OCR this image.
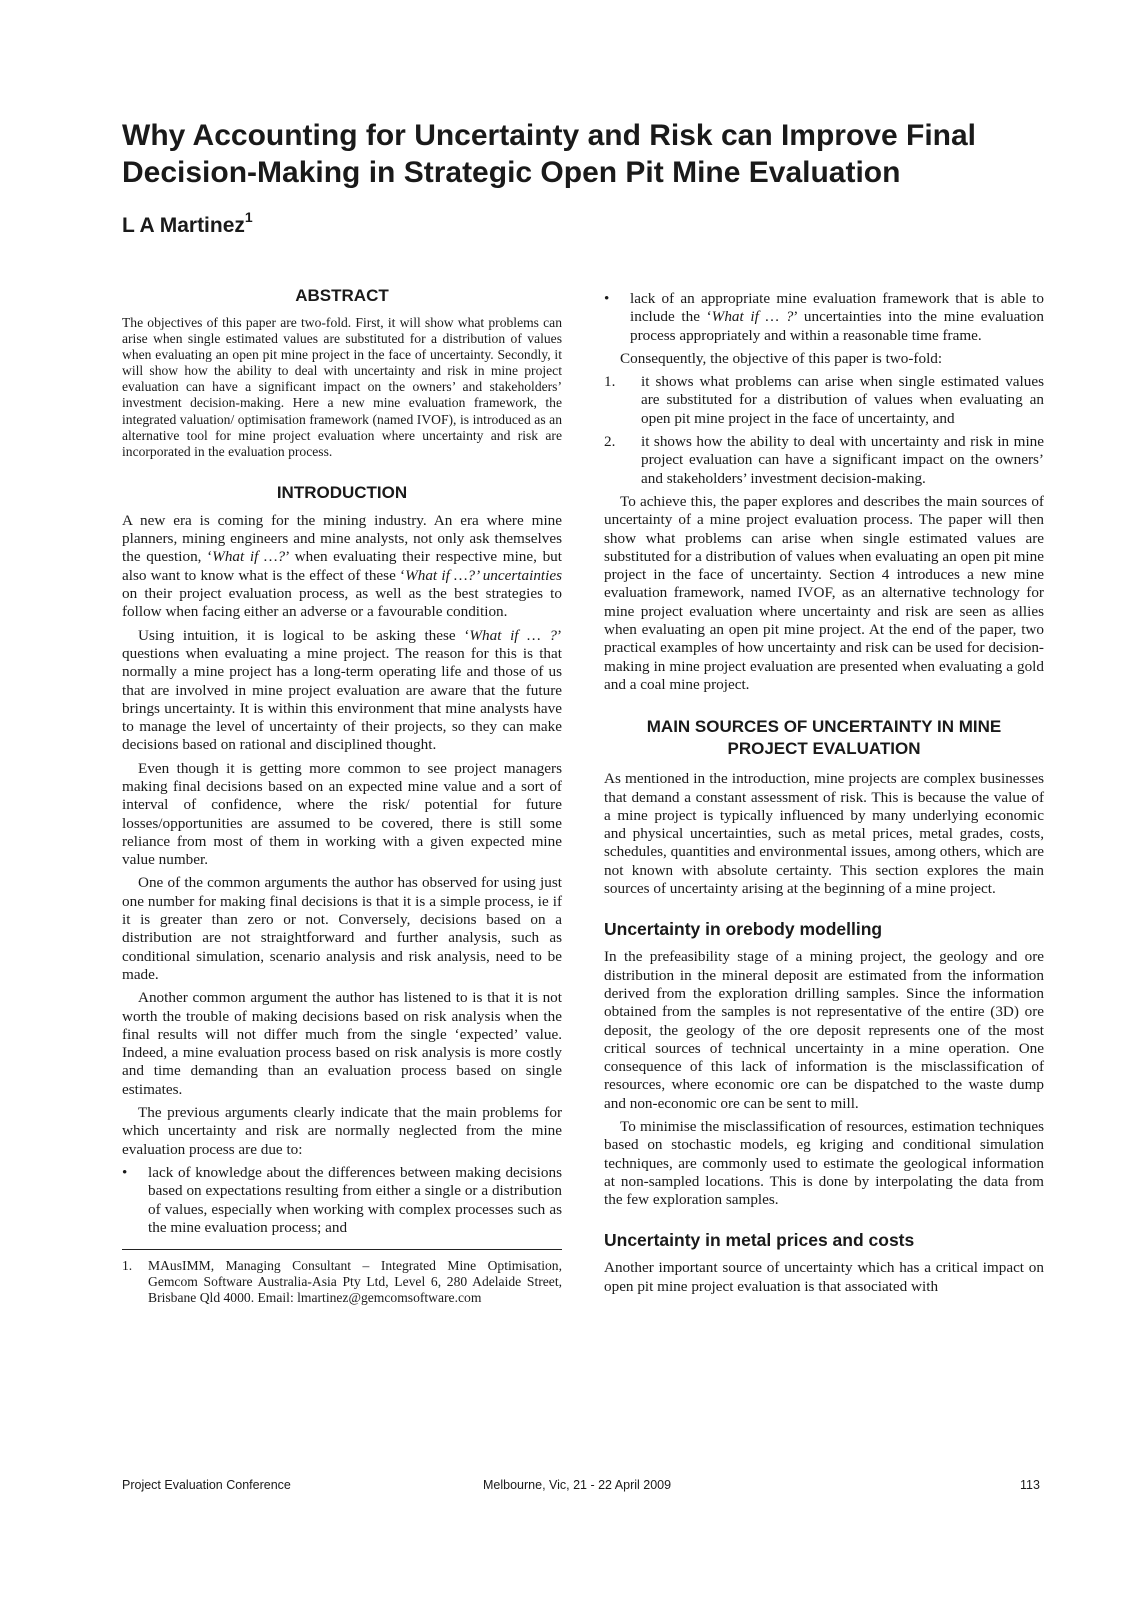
Why Accounting for Uncertainty and Risk can Improve Final Decision-Making in Strategic Open Pit Mine Evaluation
L A Martinez$^1$
ABSTRACT

The objectives of this paper are two-fold. First, it will show what problems can arise when single estimated values are substituted for a distribution of values when evaluating an open pit mine project in the face of uncertainty. Secondly, it will show how the ability to deal with uncertainty and risk in mine project evaluation can have a significant impact on the owners’ and stakeholders’ investment decision-making. Here a new mine evaluation framework, the integrated valuation/ optimisation framework (named IVOF), is introduced as an alternative tool for mine project evaluation where uncertainty and risk are incorporated in the evaluation process.

INTRODUCTION

A new era is coming for the mining industry. An era where mine planners, mining engineers and mine analysts, not only ask themselves the question, ‘What if …?’ when evaluating their respective mine, but also want to know what is the effect of these ‘What if …?’ uncertainties on their project evaluation process, as well as the best strategies to follow when facing either an adverse or a favourable condition.

Using intuition, it is logical to be asking these ‘What if … ?’ questions when evaluating a mine project. The reason for this is that normally a mine project has a long-term operating life and those of us that are involved in mine project evaluation are aware that the future brings uncertainty. It is within this environment that mine analysts have to manage the level of uncertainty of their projects, so they can make decisions based on rational and disciplined thought.

Even though it is getting more common to see project managers making final decisions based on an expected mine value and a sort of interval of confidence, where the risk/ potential for future losses/opportunities are assumed to be covered, there is still some reliance from most of them in working with a given expected mine value number.

One of the common arguments the author has observed for using just one number for making final decisions is that it is a simple process, ie if it is greater than zero or not. Conversely, decisions based on a distribution are not straightforward and further analysis, such as conditional simulation, scenario analysis and risk analysis, need to be made.

Another common argument the author has listened to is that it is not worth the trouble of making decisions based on risk analysis when the final results will not differ much from the single ‘expected’ value. Indeed, a mine evaluation process based on risk analysis is more costly and time demanding than an evaluation process based on single estimates.

The previous arguments clearly indicate that the main problems for which uncertainty and risk are normally neglected from the mine evaluation process are due to:

• lack of knowledge about the differences between making decisions based on expectations resulting from either a single or a distribution of values, especially when working with complex processes such as the mine evaluation process; and
1. MAusIMM, Managing Consultant – Integrated Mine Optimisation, Gemcom Software Australia-Asia Pty Ltd, Level 6, 280 Adelaide Street, Brisbane Qld 4000. Email: lmartinez@gemcomsoftware.com
• lack of an appropriate mine evaluation framework that is able to include the ‘What if … ?’ uncertainties into the mine evaluation process appropriately and within a reasonable time frame.

Consequently, the objective of this paper is two-fold:

1. it shows what problems can arise when single estimated values are substituted for a distribution of values when evaluating an open pit mine project in the face of uncertainty, and
2. it shows how the ability to deal with uncertainty and risk in mine project evaluation can have a significant impact on the owners’ and stakeholders’ investment decision-making.

To achieve this, the paper explores and describes the main sources of uncertainty of a mine project evaluation process. The paper will then show what problems can arise when single estimated values are substituted for a distribution of values when evaluating an open pit mine project in the face of uncertainty. Section 4 introduces a new mine evaluation framework, named IVOF, as an alternative technology for mine project evaluation where uncertainty and risk are seen as allies when evaluating an open pit mine project. At the end of the paper, two practical examples of how uncertainty and risk can be used for decision-making in mine project evaluation are presented when evaluating a gold and a coal mine project.

MAIN SOURCES OF UNCERTAINTY IN MINE
PROJECT EVALUATION

As mentioned in the introduction, mine projects are complex businesses that demand a constant assessment of risk. This is because the value of a mine project is typically influenced by many underlying economic and physical uncertainties, such as metal prices, metal grades, costs, schedules, quantities and environmental issues, among others, which are not known with absolute certainty. This section explores the main sources of uncertainty arising at the beginning of a mine project.

Uncertainty in orebody modelling

In the prefeasibility stage of a mining project, the geology and ore distribution in the mineral deposit are estimated from the information derived from the exploration drilling samples. Since the information obtained from the samples is not representative of the entire (3D) ore deposit, the geology of the ore deposit represents one of the most critical sources of technical uncertainty in a mine operation. One consequence of this lack of information is the misclassification of resources, where economic ore can be dispatched to the waste dump and non-economic ore can be sent to mill.

To minimise the misclassification of resources, estimation techniques based on stochastic models, eg kriging and conditional simulation techniques, are commonly used to estimate the geological information at non-sampled locations. This is done by interpolating the data from the few exploration samples.

Uncertainty in metal prices and costs

Another important source of uncertainty which has a critical impact on open pit mine project evaluation is that associated with

Project Evaluation Conference	Melbourne, Vic, 21 - 22 April 2009	113
